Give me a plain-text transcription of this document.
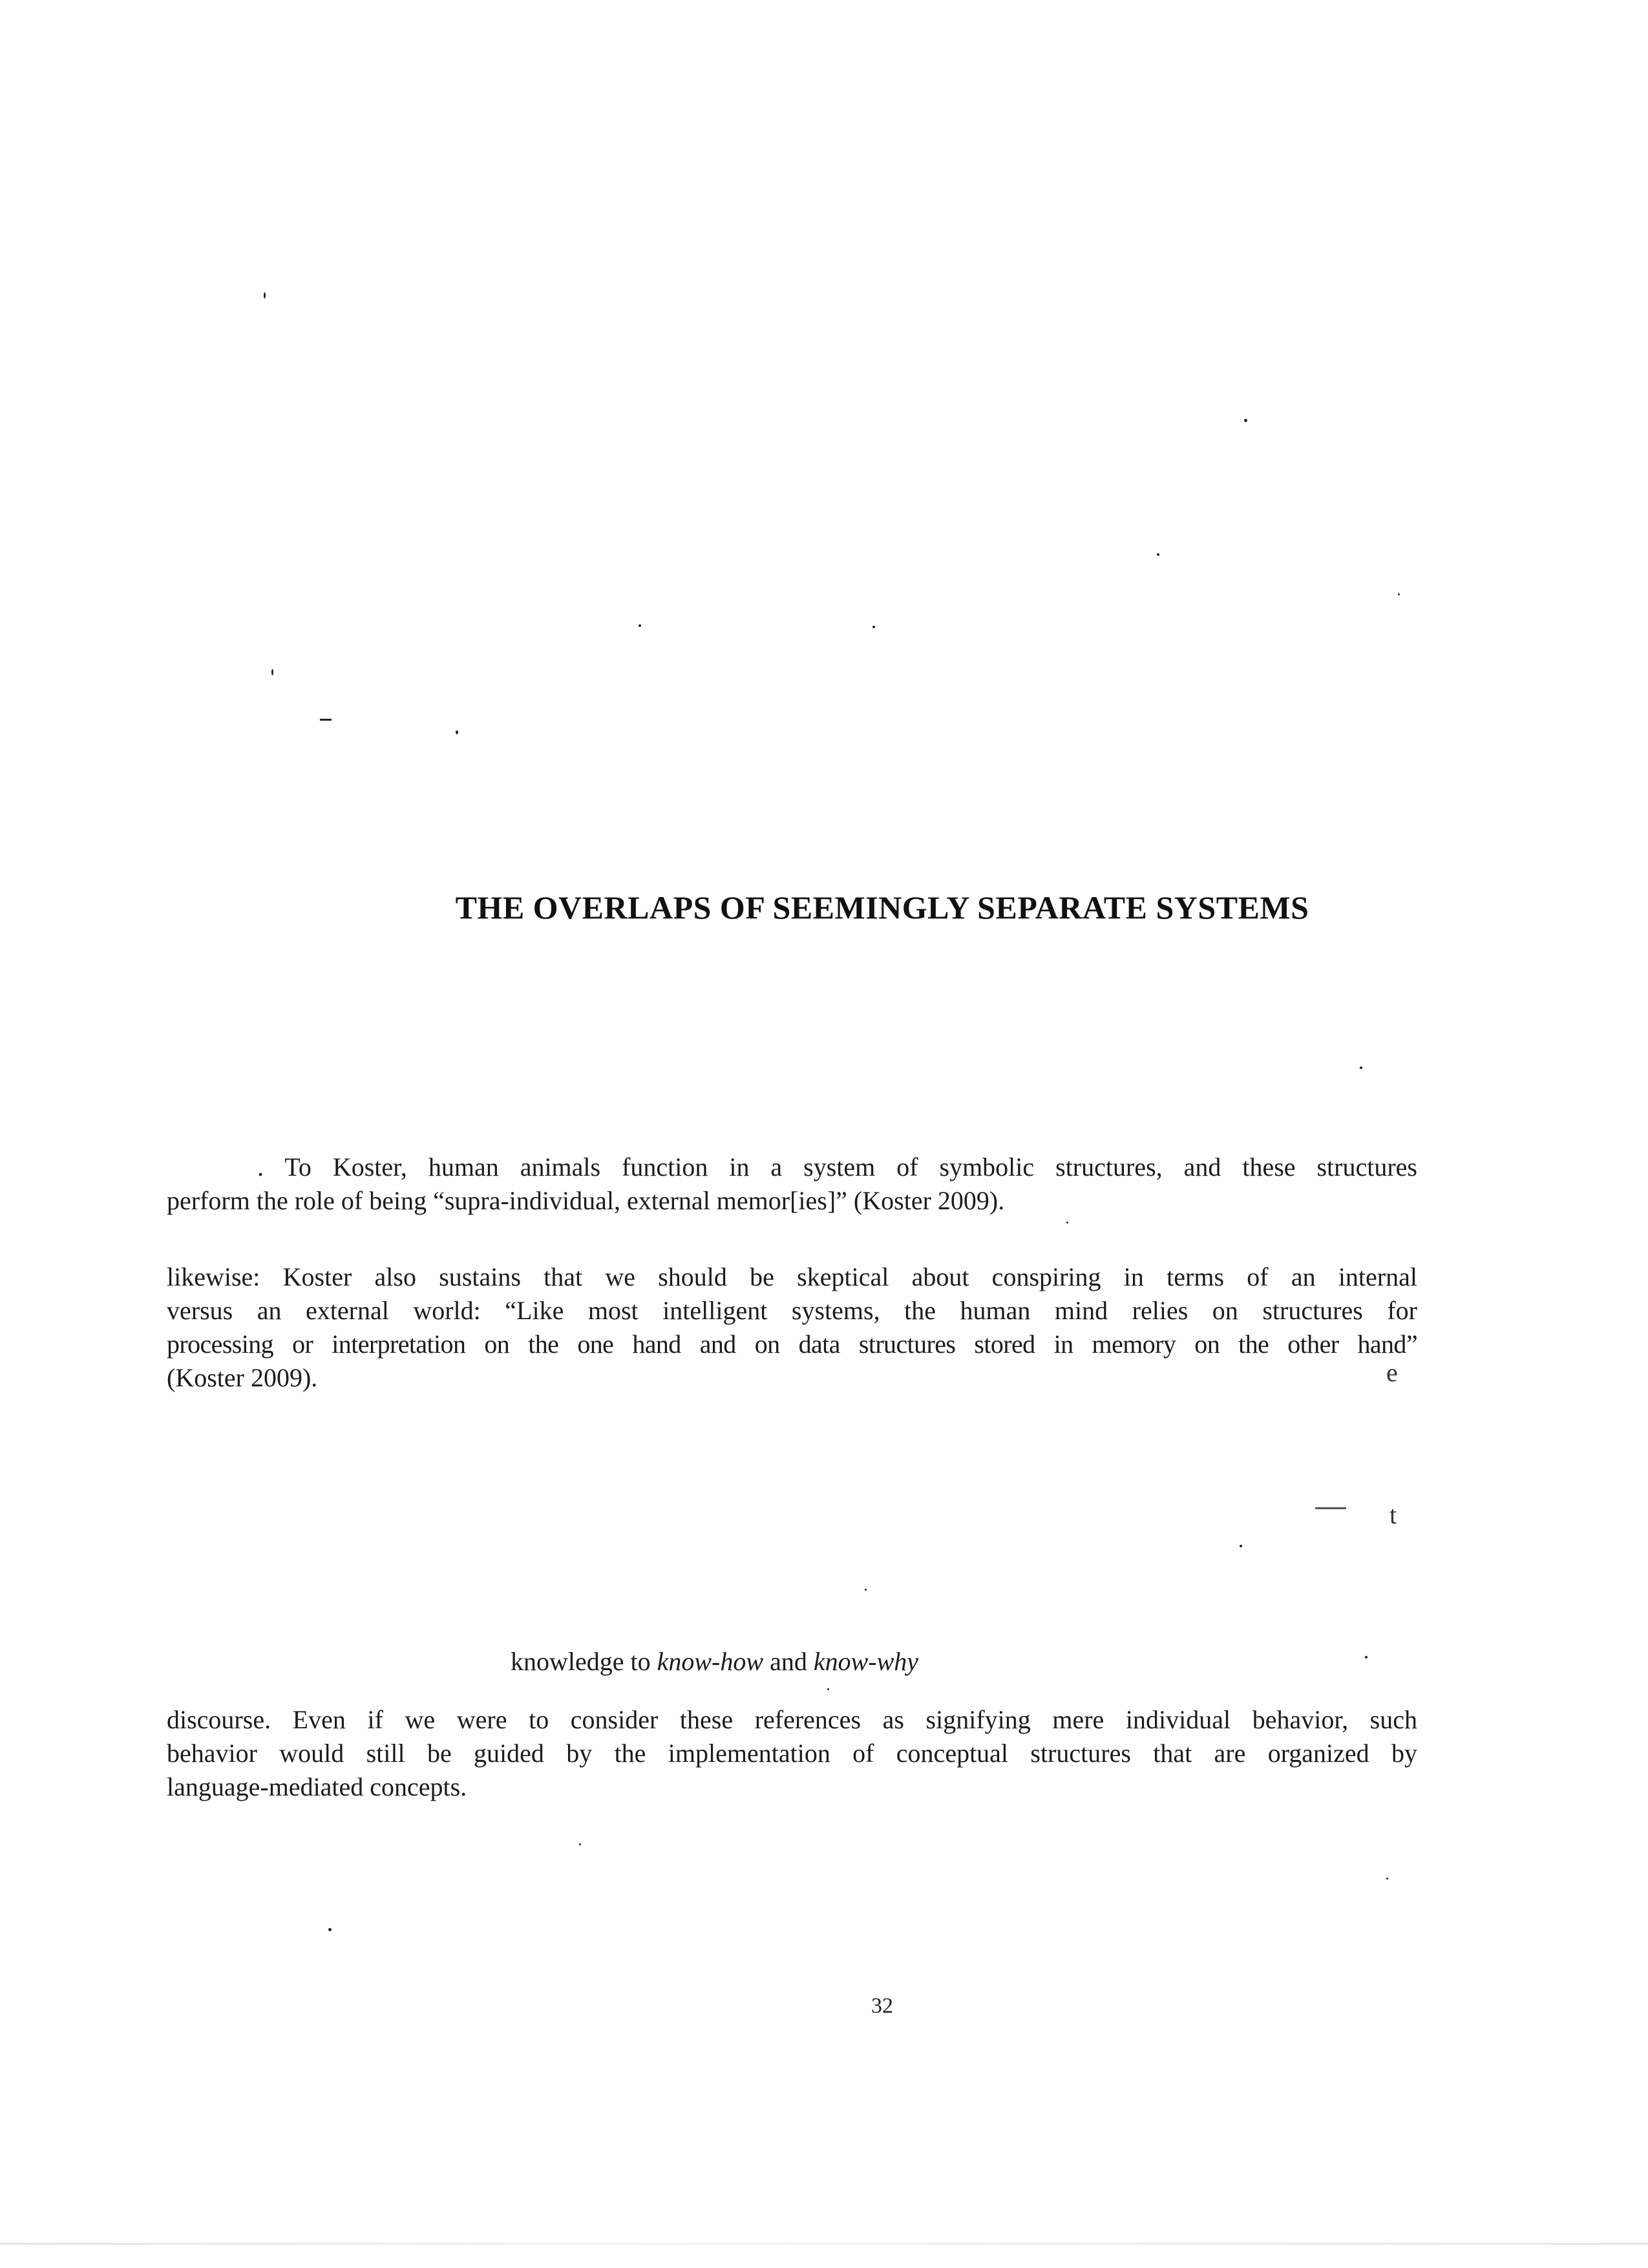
THE OVERLAPS OF SEEMINGLY SEPARATE SYSTEMS
. To Koster, human animals function in a system of symbolic structures, and these structures
perform the role of being “supra-individual, external memor[ies]” (Koster 2009).
likewise: Koster also sustains that we should be skeptical about conspiring in terms of an internal
versus an external world: “Like most intelligent systems, the human mind relies on structures for
processing or interpretation on the one hand and on data structures stored in memory on the other hand”
(Koster 2009).	e
t
knowledge to know-how and know-why
discourse. Even if we were to consider these references as signifying mere individual behavior, such
behavior would still be guided by the implementation of conceptual structures that are organized by
language-mediated concepts.
32
